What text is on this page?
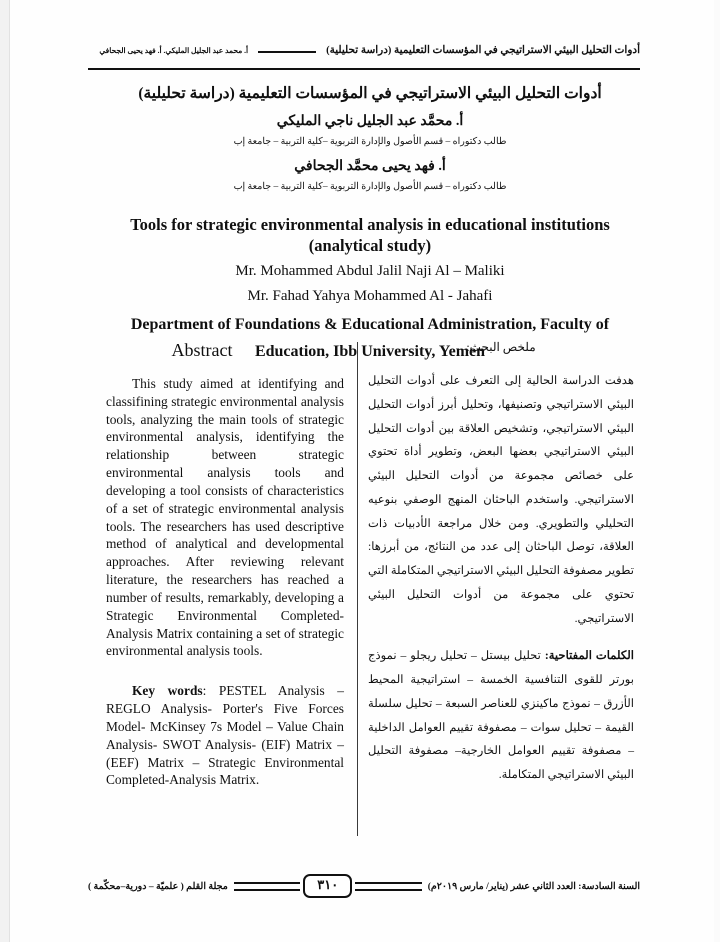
أدوات التحليل البيئي الاستراتيجي في المؤسسات التعليمية (دراسة تحليلية)
أ. محمد عبد الجليل المليكي. أ. فهد يحيى الجحافي
أدوات التحليل البيئي الاستراتيجي في المؤسسات التعليمية (دراسة تحليلية)
أ. محمَّد عبد الجليل ناجي المليكي
طالب دكتوراه – قسم الأصول والإدارة التربوية –كلية التربية – جامعة إب
أ. فهد يحيى محمَّد الجحافي
طالب دكتوراه – قسم الأصول والإدارة التربوية –كلية التربية – جامعة إب
Tools for strategic environmental analysis in educational institutions
(analytical study)
Mr. Mohammed Abdul Jalil Naji Al – Maliki
Mr. Fahad Yahya Mohammed Al - Jahafi
Department of Foundations & Educational Administration, Faculty of
Education, Ibb University, Yemen
Abstract

This study aimed at identifying and classifining strategic environmental analysis tools, analyzing the main tools of strategic environmental analysis, identifying the relationship between strategic environmental analysis tools and developing a tool consists of characteristics of a set of strategic environmental analysis tools. The researchers has used descriptive method of analytical and developmental approaches. After reviewing relevant literature, the researchers has reached a number of results, remarkably, developing a Strategic Environmental Completed-Analysis Matrix containing a set of strategic environmental analysis tools.

Key words: PESTEL Analysis – REGLO Analysis- Porter's Five Forces Model- McKinsey 7s Model – Value Chain Analysis- SWOT Analysis- (EIF) Matrix – (EEF) Matrix – Strategic Environmental Completed-Analysis Matrix.

ملخص البحث:

هدفت الدراسة الحالية إلى التعرف على أدوات التحليل البيئي الاستراتيجي وتصنيفها، وتحليل أبرز أدوات التحليل البيئي الاستراتيجي، وتشخيص العلاقة بين أدوات التحليل البيئي الاستراتيجي بعضها البعض، وتطوير أداة تحتوي على خصائص مجموعة من أدوات التحليل البيئي الاستراتيجي. واستخدم الباحثان المنهج الوصفي بنوعيه التحليلي والتطويري. ومن خلال مراجعة الأدبيات ذات العلاقة، توصل الباحثان إلى عدد من النتائج، من أبرزها: تطوير مصفوفة التحليل البيئي الاستراتيجي المتكاملة التي تحتوي على مجموعة من أدوات التحليل البيئي الاستراتيجي.

الكلمات المفتاحية: تحليل بيستل – تحليل ريجلو – نموذج بورتر للقوى التنافسية الخمسة – استراتيجية المحيط الأزرق – نموذج ماكينزي للعناصر السبعة – تحليل سلسلة القيمة – تحليل سوات – مصفوفة تقييم العوامل الداخلية – مصفوفة تقييم العوامل الخارجية– مصفوفة التحليل البيئي الاستراتيجي المتكاملة.

مجلة القلم ( علميّة – دورية–محكّمة )	٣١٠	السنة السادسة: العدد الثاني عشر (يناير/ مارس ٢٠١٩م)
